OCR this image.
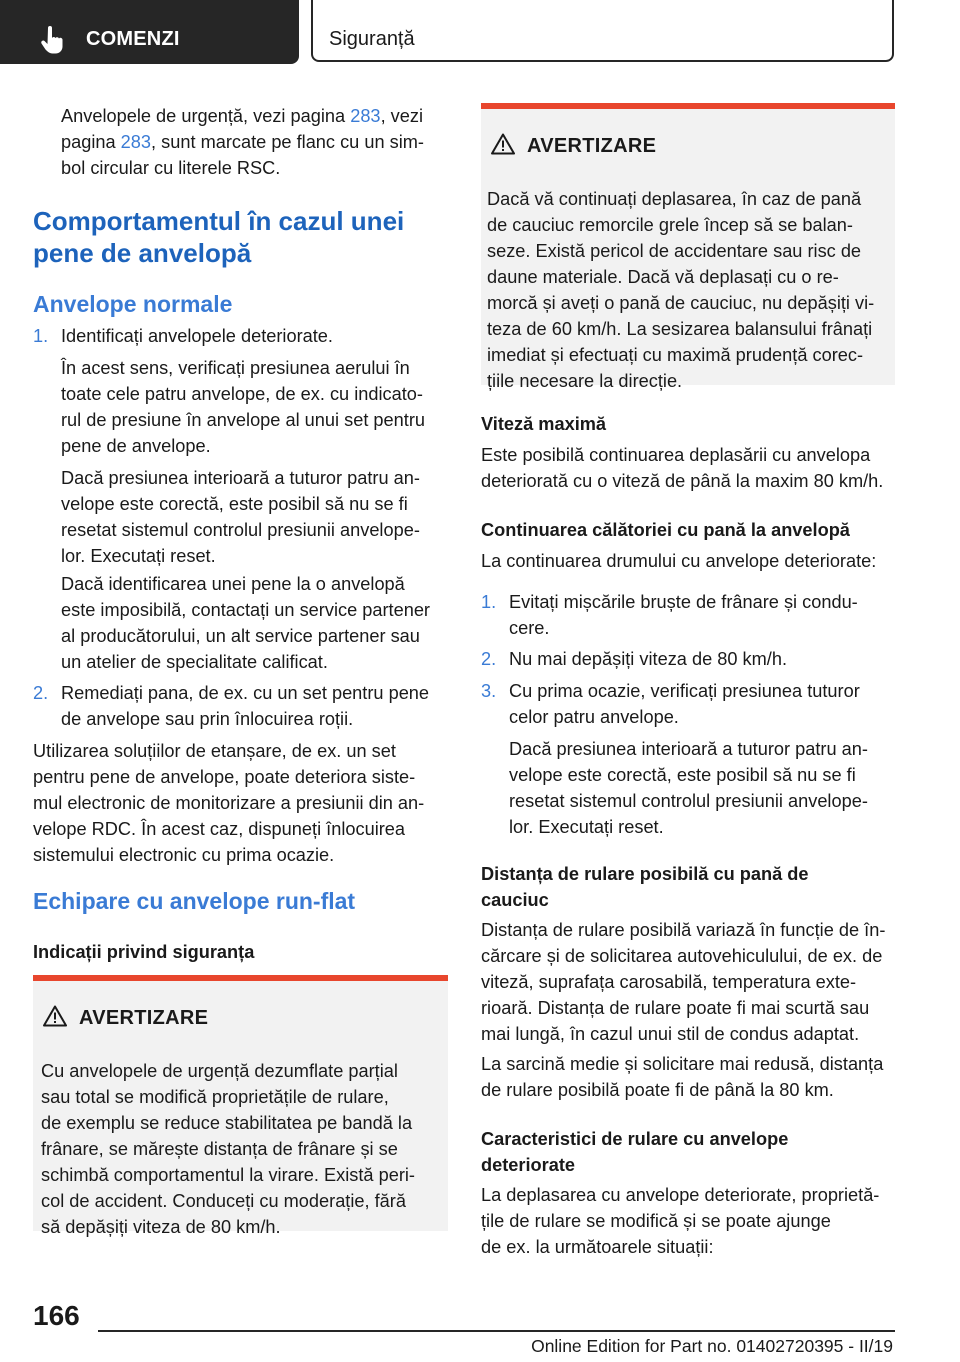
COMENZI	Siguranță

Anvelopele de urgență, vezi pagina 283, vezi

pagina 283, sunt marcate pe flanc cu un sim-

bol circular cu literele RSC.

Comportamentul în cazul unei

pene de anvelopă

Anvelope normale

1. Identificați anvelopele deteriorate.

În acest sens, verificați presiunea aerului în

toate cele patru anvelope, de ex. cu indicato-

rul de presiune în anvelope al unui set pentru

pene de anvelope.

Dacă presiunea interioară a tuturor patru an-

velope este corectă, este posibil să nu se fi

resetat sistemul controlul presiunii anvelope-

lor. Executați reset.

Dacă identificarea unei pene la o anvelopă

este imposibilă, contactați un service partener

al producătorului, un alt service partener sau

un atelier de specialitate calificat.

2. Remediați pana, de ex. cu un set pentru pene

de anvelope sau prin înlocuirea roții.

Utilizarea soluțiilor de etanșare, de ex. un set

pentru pene de anvelope, poate deteriora siste-

mul electronic de monitorizare a presiunii din an-

velope RDC. În acest caz, dispuneți înlocuirea

sistemului electronic cu prima ocazie.

Echipare cu anvelope run-flat

Indicații privind siguranța

AVERTIZARE

Cu anvelopele de urgență dezumflate parțial

sau total se modifică proprietățile de rulare,

de exemplu se reduce stabilitatea pe bandă la

frânare, se mărește distanța de frânare și se

schimbă comportamentul la virare. Există peri-

col de accident. Conduceți cu moderație, fără

să depășiți viteza de 80 km/h.

AVERTIZARE

Dacă vă continuați deplasarea, în caz de pană

de cauciuc remorcile grele încep să se balan-

seze. Există pericol de accidentare sau risc de

daune materiale. Dacă vă deplasați cu o re-

morcă și aveți o pană de cauciuc, nu depășiți vi-

teza de 60 km/h. La sesizarea balansului frânați

imediat și efectuați cu maximă prudență corec-

țiile necesare la direcție.

Viteză maximă

Este posibilă continuarea deplasării cu anvelopa

deteriorată cu o viteză de până la maxim 80 km/h.

Continuarea călătoriei cu pană la anvelopă

La continuarea drumului cu anvelope deteriorate:

1. Evitați mișcările bruște de frânare și condu-

cere.

2. Nu mai depășiți viteza de 80 km/h.

3. Cu prima ocazie, verificați presiunea tuturor

celor patru anvelope.

Dacă presiunea interioară a tuturor patru an-

velope este corectă, este posibil să nu se fi

resetat sistemul controlul presiunii anvelope-

lor. Executați reset.

Distanța de rulare posibilă cu pană de

cauciuc

Distanța de rulare posibilă variază în funcție de în-

cărcare și de solicitarea autovehiculului, de ex. de

viteză, suprafața carosabilă, temperatura exte-

rioară. Distanța de rulare poate fi mai scurtă sau

mai lungă, în cazul unui stil de condus adaptat.

La sarcină medie și solicitare mai redusă, distanța

de rulare posibilă poate fi de până la 80 km.

Caracteristici de rulare cu anvelope

deteriorate

La deplasarea cu anvelope deteriorate, proprietă-

țile de rulare se modifică și se poate ajunge

de ex. la următoarele situații:

166
Online Edition for Part no. 01402720395 - II/19
